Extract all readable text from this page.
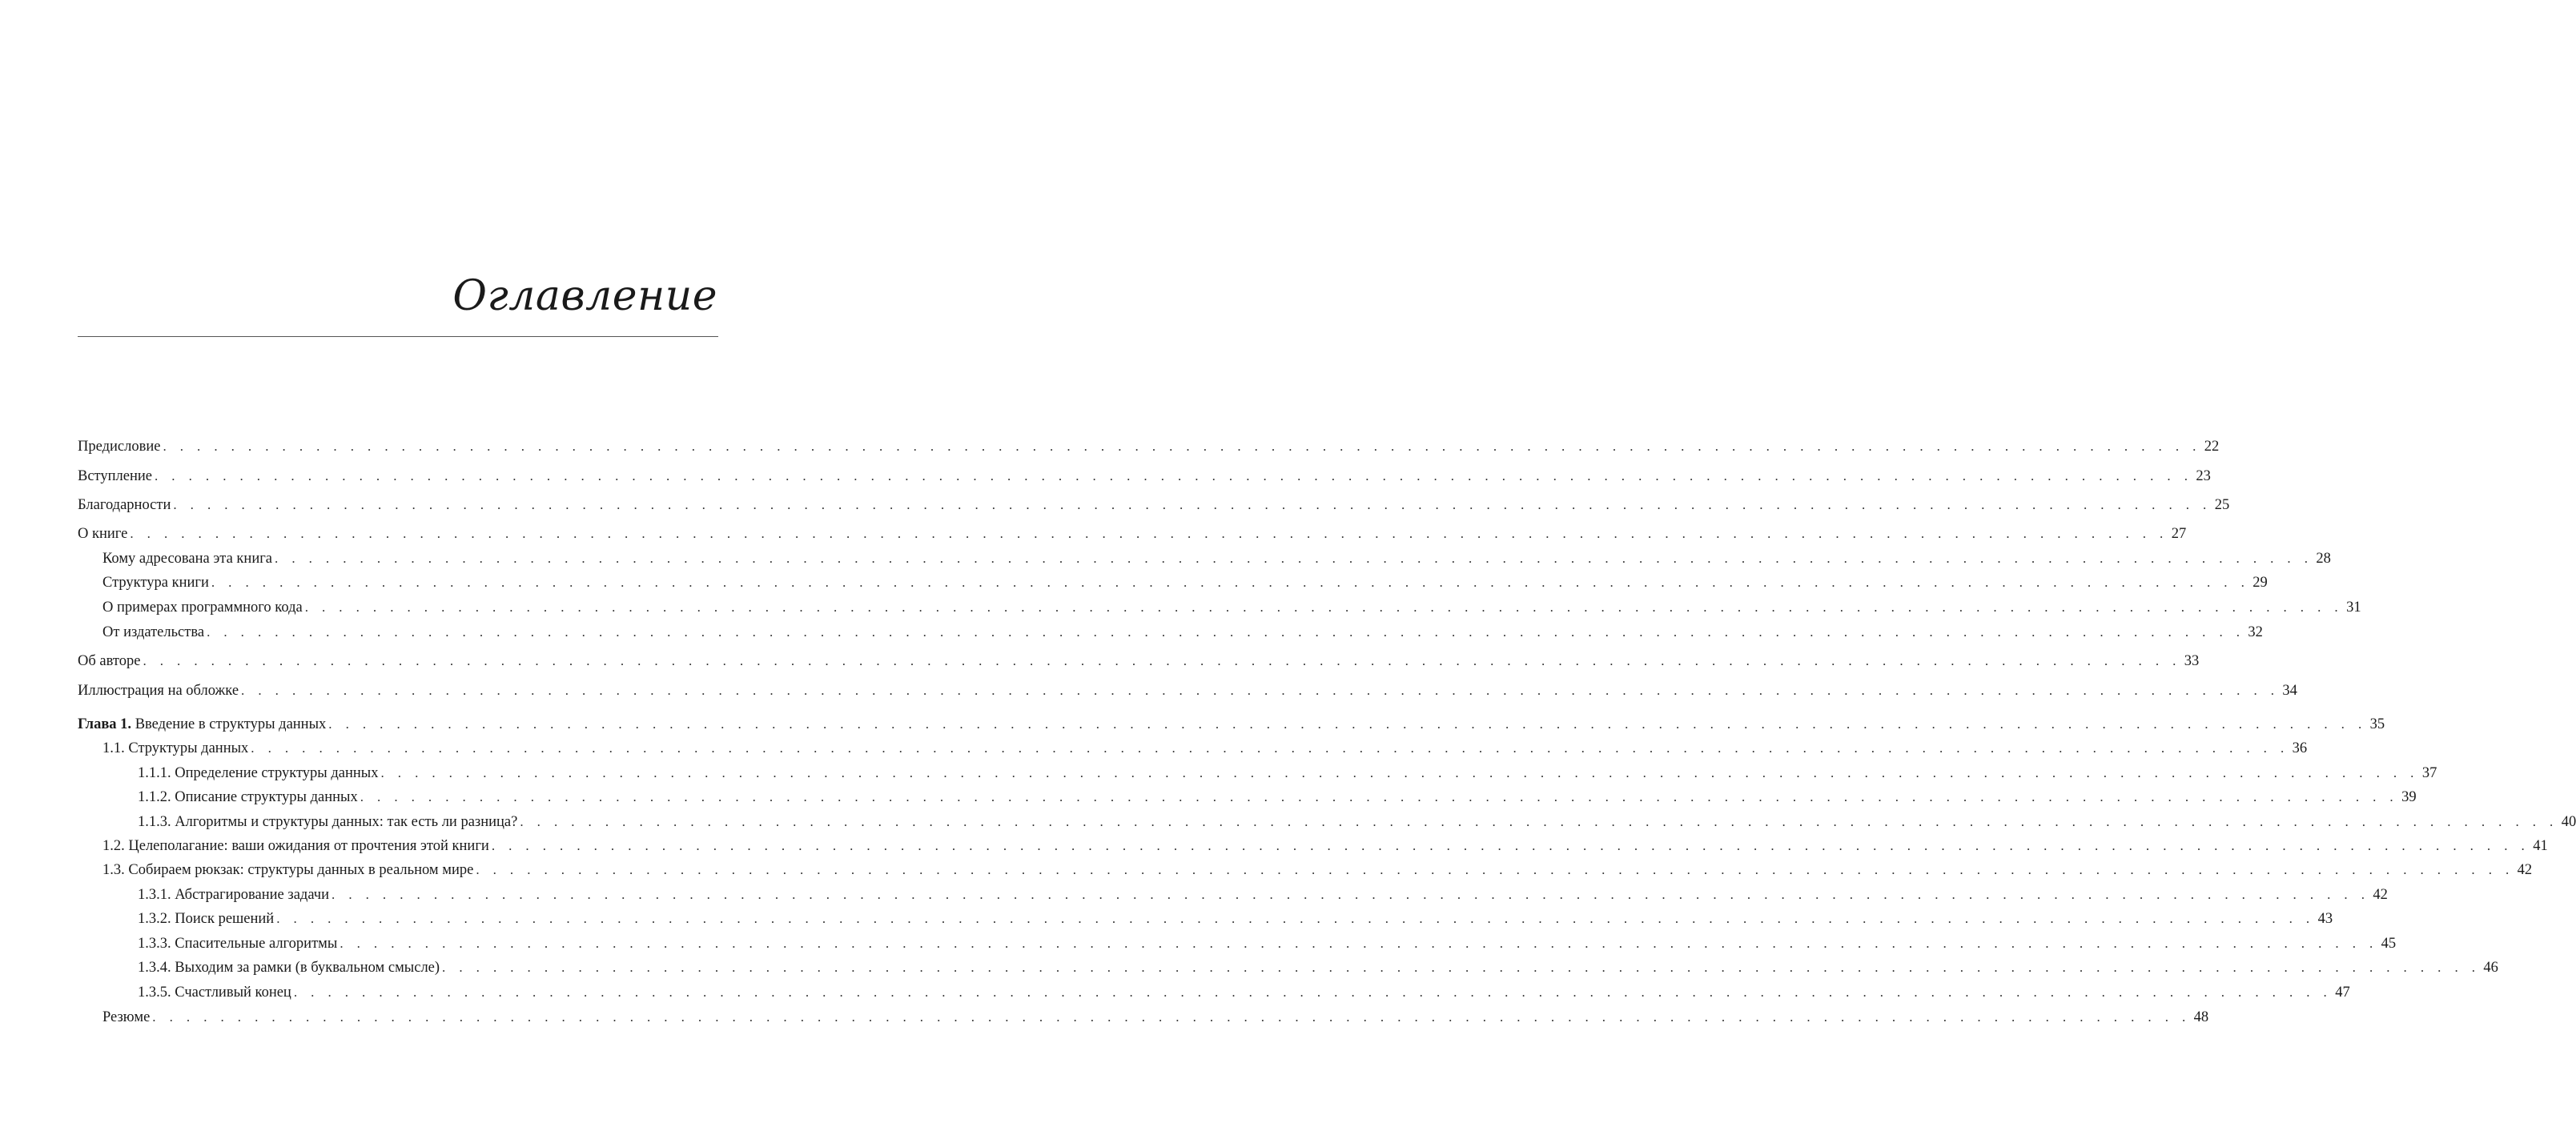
Оглавление
Предисловие . . . . . . . . . . . . . . . . . . . . . . . . . . . . . . . . . . . . . . . . . . . . . . . . . . . . . . . . . . . . . . . . . . . . . . . . . . . . . . . . . . . . . . . . . . . . . . . . . . . . . . . . . . . . . . . . . . . . . . . . 22
Вступление . . . . . . . . . . . . . . . . . . . . . . . . . . . . . . . . . . . . . . . . . . . . . . . . . . . . . . . . . . . . . . . . . . . . . . . . . . . . . . . . . . . . . . . . . . . . . . . . . . . . . . . . . . . . . . . . . . . . . . . . 23
Благодарности . . . . . . . . . . . . . . . . . . . . . . . . . . . . . . . . . . . . . . . . . . . . . . . . . . . . . . . . . . . . . . . . . . . . . . . . . . . . . . . . . . . . . . . . . . . . . . . . . . . . . . . . . . . . . . . . . . . . . . . . 25
О книге . . . . . . . . . . . . . . . . . . . . . . . . . . . . . . . . . . . . . . . . . . . . . . . . . . . . . . . . . . . . . . . . . . . . . . . . . . . . . . . . . . . . . . . . . . . . . . . . . . . . . . . . . . . . . . . . . . . . . . . . 27
Кому адресована эта книга . . . . . . . . . . . . . . . . . . . . . . . . . . . . . . . . . . . . . . . . . . . . . . . . . . . . . . . . . . . . . . . . . . . . . . . . . . . . . . . . . . . . . . . . . . . . . . . . . . . . . . . . . . . . . . . . . . . . . . . . 28
Структура книги . . . . . . . . . . . . . . . . . . . . . . . . . . . . . . . . . . . . . . . . . . . . . . . . . . . . . . . . . . . . . . . . . . . . . . . . . . . . . . . . . . . . . . . . . . . . . . . . . . . . . . . . . . . . . . . . . . . . . . . . 29
О примерах программного кода . . . . . . . . . . . . . . . . . . . . . . . . . . . . . . . . . . . . . . . . . . . . . . . . . . . . . . . . . . . . . . . . . . . . . . . . . . . . . . . . . . . . . . . . . . . . . . . . . . . . . . . . . . . . . . . . . . . . . . . . 31
От издательства . . . . . . . . . . . . . . . . . . . . . . . . . . . . . . . . . . . . . . . . . . . . . . . . . . . . . . . . . . . . . . . . . . . . . . . . . . . . . . . . . . . . . . . . . . . . . . . . . . . . . . . . . . . . . . . . . . . . . . . . 32
Об авторе . . . . . . . . . . . . . . . . . . . . . . . . . . . . . . . . . . . . . . . . . . . . . . . . . . . . . . . . . . . . . . . . . . . . . . . . . . . . . . . . . . . . . . . . . . . . . . . . . . . . . . . . . . . . . . . . . . . . . . . . 33
Иллюстрация на обложке . . . . . . . . . . . . . . . . . . . . . . . . . . . . . . . . . . . . . . . . . . . . . . . . . . . . . . . . . . . . . . . . . . . . . . . . . . . . . . . . . . . . . . . . . . . . . . . . . . . . . . . . . . . . . . . . . . . . . . . . 34
Глава 1. Введение в структуры данных . . . . . . . . . . . . . . . . . . . . . . . . . . . . . . . . . . . . . . . . . . . . . . . . . . . . . . . . . . . . . . . . . . . . . . . . . . . . . . . . . . . . . . . . . . . . . . . . . . . . . . . . . . . . . . . . . . . . . . . . 35
1.1. Структуры данных . . . . . . . . . . . . . . . . . . . . . . . . . . . . . . . . . . . . . . . . . . . . . . . . . . . . . . . . . . . . . . . . . . . . . . . . . . . . . . . . . . . . . . . . . . . . . . . . . . . . . . . . . . . . . . . . . . . . . . . . 36
1.1.1. Определение структуры данных . . . . . . . . . . . . . . . . . . . . . . . . . . . . . . . . . . . . . . . . . . . . . . . . . . . . . . . . . . . . . . . . . . . . . . . . . . . . . . . . . . . . . . . . . . . . . . . . . . . . . . . . . . . . . . . . . . . . . . . . 37
1.1.2. Описание структуры данных . . . . . . . . . . . . . . . . . . . . . . . . . . . . . . . . . . . . . . . . . . . . . . . . . . . . . . . . . . . . . . . . . . . . . . . . . . . . . . . . . . . . . . . . . . . . . . . . . . . . . . . . . . . . . . . . . . . . . . . . 39
1.1.3. Алгоритмы и структуры данных: так есть ли разница? . . . . . . . . . . . . . . . . . . . . . . . . . . . . . . . . . . . . . . . . . . . . . . . . . . . . . . . . . . . . . . . . . . . . . . . . . . . . . . . . . . . . . . . . . . . . . . . . . . . . . . . . . . . . . . . . . . . . . . . . 40
1.2. Целеполагание: ваши ожидания от прочтения этой книги . . . . . . . . . . . . . . . . . . . . . . . . . . . . . . . . . . . . . . . . . . . . . . . . . . . . . . . . . . . . . . . . . . . . . . . . . . . . . . . . . . . . . . . . . . . . . . . . . . . . . . . . . . . . . . . . . . . . . . . . 41
1.3. Собираем рюкзак: структуры данных в реальном мире . . . . . . . . . . . . . . . . . . . . . . . . . . . . . . . . . . . . . . . . . . . . . . . . . . . . . . . . . . . . . . . . . . . . . . . . . . . . . . . . . . . . . . . . . . . . . . . . . . . . . . . . . . . . . . . . . . . . . . . . 42
1.3.1. Абстрагирование задачи . . . . . . . . . . . . . . . . . . . . . . . . . . . . . . . . . . . . . . . . . . . . . . . . . . . . . . . . . . . . . . . . . . . . . . . . . . . . . . . . . . . . . . . . . . . . . . . . . . . . . . . . . . . . . . . . . . . . . . . . 42
1.3.2. Поиск решений . . . . . . . . . . . . . . . . . . . . . . . . . . . . . . . . . . . . . . . . . . . . . . . . . . . . . . . . . . . . . . . . . . . . . . . . . . . . . . . . . . . . . . . . . . . . . . . . . . . . . . . . . . . . . . . . . . . . . . . . 43
1.3.3. Спасительные алгоритмы . . . . . . . . . . . . . . . . . . . . . . . . . . . . . . . . . . . . . . . . . . . . . . . . . . . . . . . . . . . . . . . . . . . . . . . . . . . . . . . . . . . . . . . . . . . . . . . . . . . . . . . . . . . . . . . . . . . . . . . . 45
1.3.4. Выходим за рамки (в буквальном смысле) . . . . . . . . . . . . . . . . . . . . . . . . . . . . . . . . . . . . . . . . . . . . . . . . . . . . . . . . . . . . . . . . . . . . . . . . . . . . . . . . . . . . . . . . . . . . . . . . . . . . . . . . . . . . . . . . . . . . . . . . 46
1.3.5. Счастливый конец . . . . . . . . . . . . . . . . . . . . . . . . . . . . . . . . . . . . . . . . . . . . . . . . . . . . . . . . . . . . . . . . . . . . . . . . . . . . . . . . . . . . . . . . . . . . . . . . . . . . . . . . . . . . . . . . . . . . . . . . 47
Резюме . . . . . . . . . . . . . . . . . . . . . . . . . . . . . . . . . . . . . . . . . . . . . . . . . . . . . . . . . . . . . . . . . . . . . . . . . . . . . . . . . . . . . . . . . . . . . . . . . . . . . . . . . . . . . . . . . . . . . . . . 48
